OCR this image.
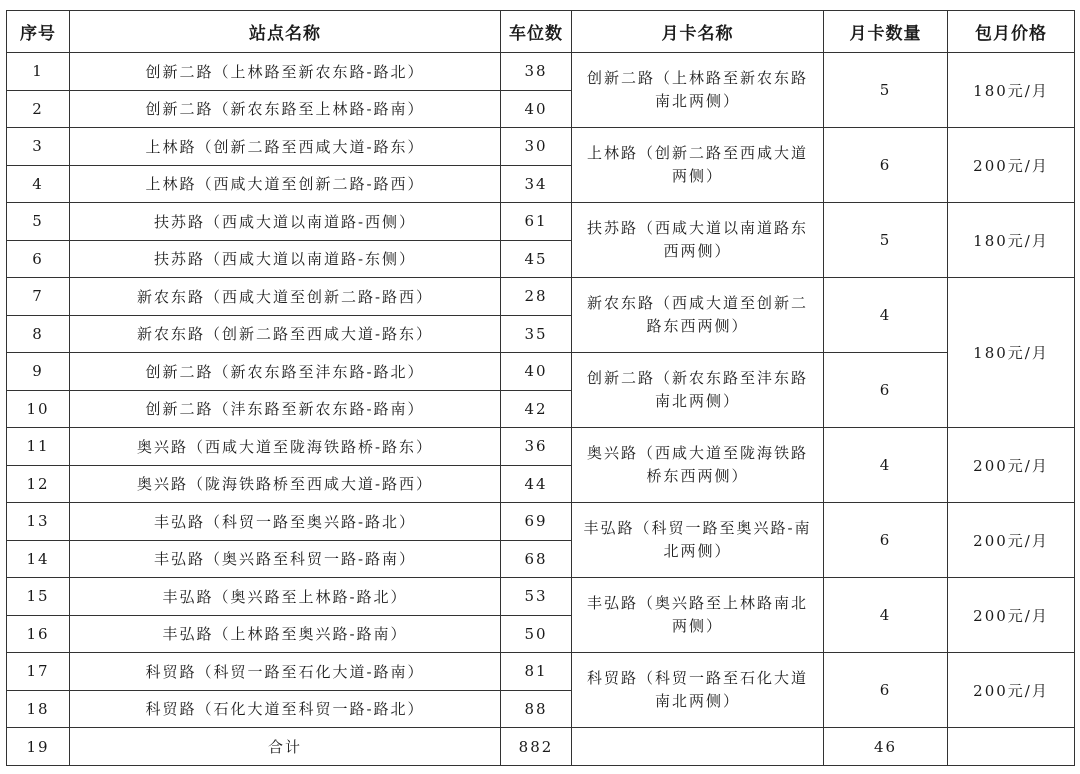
序号	站点名称	车位数	月卡名称	月卡数量	包月价格
1	创新二路（上林路至新农东路-路北）	38	创新二路（上林路至新农东路南北两侧）	5	180元/月
2	创新二路（新农东路至上林路-路南）	40			
3	上林路（创新二路至西咸大道-路东）	30	上林路（创新二路至西咸大道两侧）	6	200元/月
4	上林路（西咸大道至创新二路-路西）	34			
5	扶苏路（西咸大道以南道路-西侧）	61	扶苏路（西咸大道以南道路东西两侧）	5	180元/月
6	扶苏路（西咸大道以南道路-东侧）	45			
7	新农东路（西咸大道至创新二路-路西）	28	新农东路（西咸大道至创新二路东西两侧）	4	180元/月
8	新农东路（创新二路至西咸大道-路东）	35			
9	创新二路（新农东路至沣东路-路北）	40	创新二路（新农东路至沣东路南北两侧）	6	
10	创新二路（沣东路至新农东路-路南）	42			
11	奥兴路（西咸大道至陇海铁路桥-路东）	36	奥兴路（西咸大道至陇海铁路桥东西两侧）	4	200元/月
12	奥兴路（陇海铁路桥至西咸大道-路西）	44			
13	丰弘路（科贸一路至奥兴路-路北）	69	丰弘路（科贸一路至奥兴路-南北两侧）	6	200元/月
14	丰弘路（奥兴路至科贸一路-路南）	68			
15	丰弘路（奥兴路至上林路-路北）	53	丰弘路（奥兴路至上林路南北两侧）	4	200元/月
16	丰弘路（上林路至奥兴路-路南）	50			
17	科贸路（科贸一路至石化大道-路南）	81	科贸路（科贸一路至石化大道南北两侧）	6	200元/月
18	科贸路（石化大道至科贸一路-路北）	88			
19	合计	882		46	
